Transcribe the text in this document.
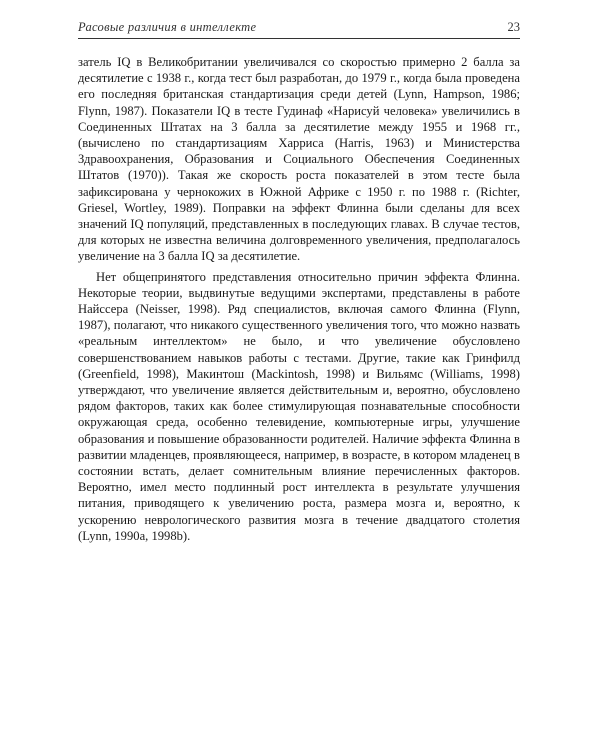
Расовые различия в интеллекте	23

затель IQ в Великобритании увеличивался со скоростью примерно 2 балла за десятилетие с 1938 г., когда тест был разработан, до 1979 г., когда была проведена его последняя британская стандартизация среди детей (Lynn, Hampson, 1986; Flynn, 1987). Показатели IQ в тесте Гудинаф «Нарисуй человека» увеличились в Соединенных Штатах на 3 балла за десятилетие между 1955 и 1968 гг., (вычислено по стандартизациям Харриса (Harris, 1963) и Министерства Здравоохранения, Образования и Социального Обеспечения Соединенных Штатов (1970)). Такая же скорость роста показателей в этом тесте была зафиксирована у чернокожих в Южной Африке с 1950 г. по 1988 г. (Richter, Griesel, Wortley, 1989). Поправки на эффект Флинна были сделаны для всех значений IQ популяций, представленных в последующих главах. В случае тестов, для которых не известна величина долговременного увеличения, предполагалось увеличение на 3 балла IQ за десятилетие.

Нет общепринятого представления относительно причин эффекта Флинна. Некоторые теории, выдвинутые ведущими экспертами, представлены в работе Найссера (Neisser, 1998). Ряд специалистов, включая самого Флинна (Flynn, 1987), полагают, что никакого существенного увеличения того, что можно назвать «реальным интеллектом» не было, и что увеличение обусловлено совершенствованием навыков работы с тестами. Другие, такие как Гринфилд (Greenfield, 1998), Макинтош (Mackintosh, 1998) и Вильямс (Williams, 1998) утверждают, что увеличение является действительным и, вероятно, обусловлено рядом факторов, таких как более стимулирующая познавательные способности окружающая среда, особенно телевидение, компьютерные игры, улучшение образования и повышение образованности родителей. Наличие эффекта Флинна в развитии младенцев, проявляющееся, например, в возрасте, в котором младенец в состоянии встать, делает сомнительным влияние перечисленных факторов. Вероятно, имел место подлинный рост интеллекта в результате улучшения питания, приводящего к увеличению роста, размера мозга и, вероятно, к ускорению неврологического развития мозга в течение двадцатого столетия (Lynn, 1990a, 1998b).
